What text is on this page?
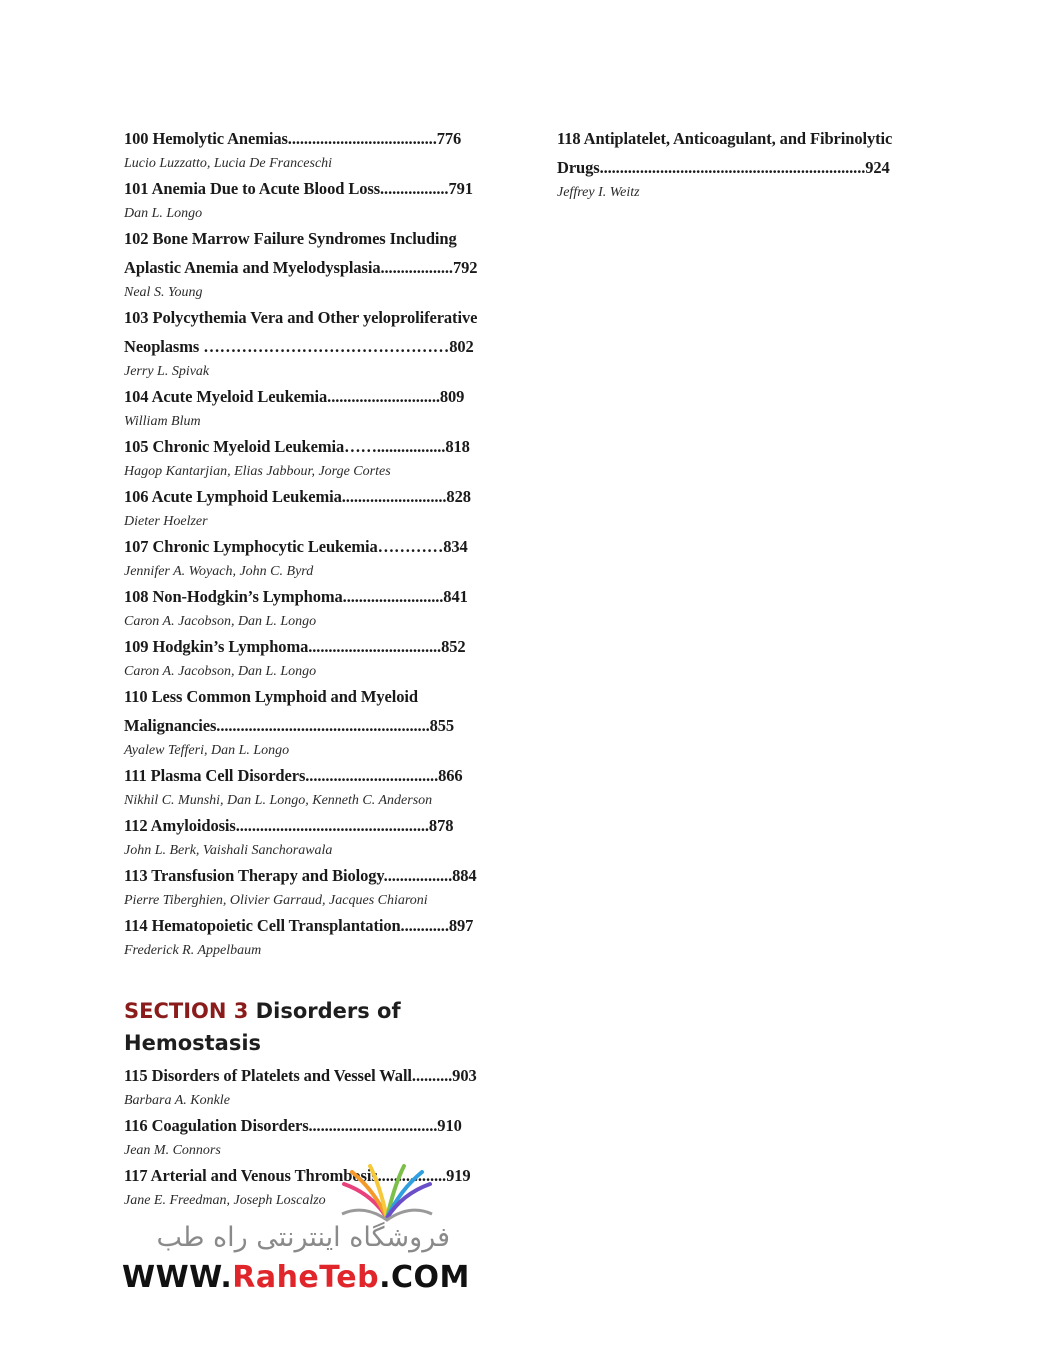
100 Hemolytic Anemias.....................................776
Lucio Luzzatto, Lucia De Franceschi
101 Anemia Due to Acute Blood Loss.................791
Dan L. Longo
102 Bone Marrow Failure Syndromes Including
Aplastic Anemia and Myelodysplasia..................792
Neal S. Young
103 Polycythemia Vera and Other yeloproliferative
Neoplasms ………………………………………802
Jerry L. Spivak
104 Acute Myeloid Leukemia............................809
William Blum
105 Chronic Myeloid Leukemia…….................818
Hagop Kantarjian, Elias Jabbour, Jorge Cortes
106 Acute Lymphoid Leukemia..........................828
Dieter Hoelzer
107 Chronic Lymphocytic Leukemia…………834
Jennifer A. Woyach, John C. Byrd
108 Non-Hodgkin’s Lymphoma.........................841
Caron A. Jacobson, Dan L. Longo
109 Hodgkin’s Lymphoma.................................852
Caron A. Jacobson, Dan L. Longo
110 Less Common Lymphoid and Myeloid
Malignancies.....................................................855
Ayalew Tefferi, Dan L. Longo
111 Plasma Cell Disorders.................................866
Nikhil C. Munshi, Dan L. Longo, Kenneth C. Anderson
112 Amyloidosis................................................878
John L. Berk, Vaishali Sanchorawala
113 Transfusion Therapy and Biology.................884
Pierre Tiberghien, Olivier Garraud, Jacques Chiaroni
114 Hematopoietic Cell Transplantation............897
Frederick R. Appelbaum
SECTION 3 Disorders of
Hemostasis
115 Disorders of Platelets and Vessel Wall..........903
Barbara A. Konkle
116 Coagulation Disorders................................910
Jean M. Connors
117 Arterial and Venous Thrombosis.................919
Jane E. Freedman, Joseph Loscalzo
118 Antiplatelet, Anticoagulant, and Fibrinolytic
Drugs..................................................................924
Jeffrey I. Weitz
فروشگاه اینترنتی راه طب
WWW.RaheTeb.COM
